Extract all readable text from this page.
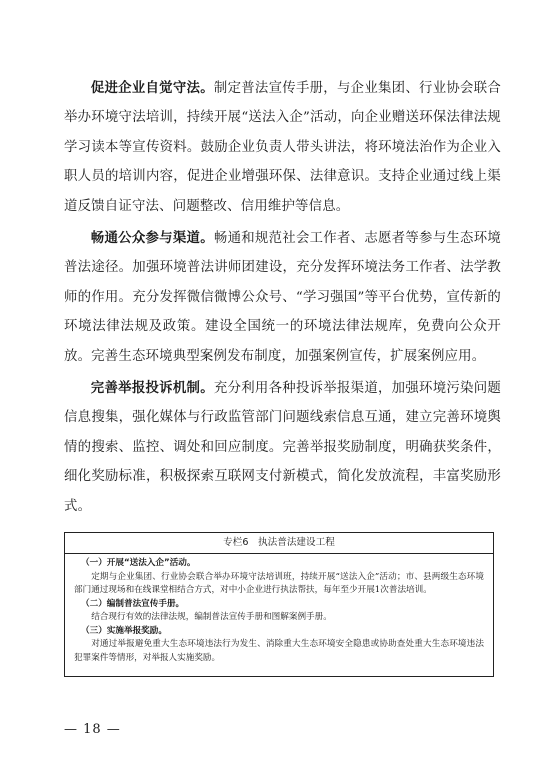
促进企业自觉守法。制定普法宣传手册，与企业集团、行业协会联合举办环境守法培训，持续开展“送法入企”活动，向企业赠送环保法律法规学习读本等宣传资料。鼓励企业负责人带头讲法，将环境法治作为企业入职人员的培训内容，促进企业增强环保、法律意识。支持企业通过线上渠道反馈自证守法、问题整改、信用维护等信息。

畅通公众参与渠道。畅通和规范社会工作者、志愿者等参与生态环境普法途径。加强环境普法讲师团建设，充分发挥环境法务工作者、法学教师的作用。充分发挥微信微博公众号、“学习强国”等平台优势，宣传新的环境法律法规及政策。建设全国统一的环境法律法规库，免费向公众开放。完善生态环境典型案例发布制度，加强案例宣传，扩展案例应用。

完善举报投诉机制。充分利用各种投诉举报渠道，加强环境污染问题信息搜集，强化媒体与行政监管部门问题线索信息互通，建立完善环境舆情的搜索、监控、调处和回应制度。完善举报奖励制度，明确获奖条件，细化奖励标准，积极探索互联网支付新模式，简化发放流程，丰富奖励形式。

专栏6　执法普法建设工程
（一）开展“送法入企”活动。
定期与企业集团、行业协会联合举办环境守法培训班，持续开展“送法入企”活动；市、县两级生态环境部门通过现场和在线课堂相结合方式，对中小企业进行执法帮扶，每年至少开展1次普法培训。
（二）编制普法宣传手册。
结合现行有效的法律法规，编制普法宣传手册和图解案例手册。
（三）实施举报奖励。
对通过举报避免重大生态环境违法行为发生、消除重大生态环境安全隐患或协助查处重大生态环境违法犯罪案件等情形，对举报人实施奖励。
— 18 —
